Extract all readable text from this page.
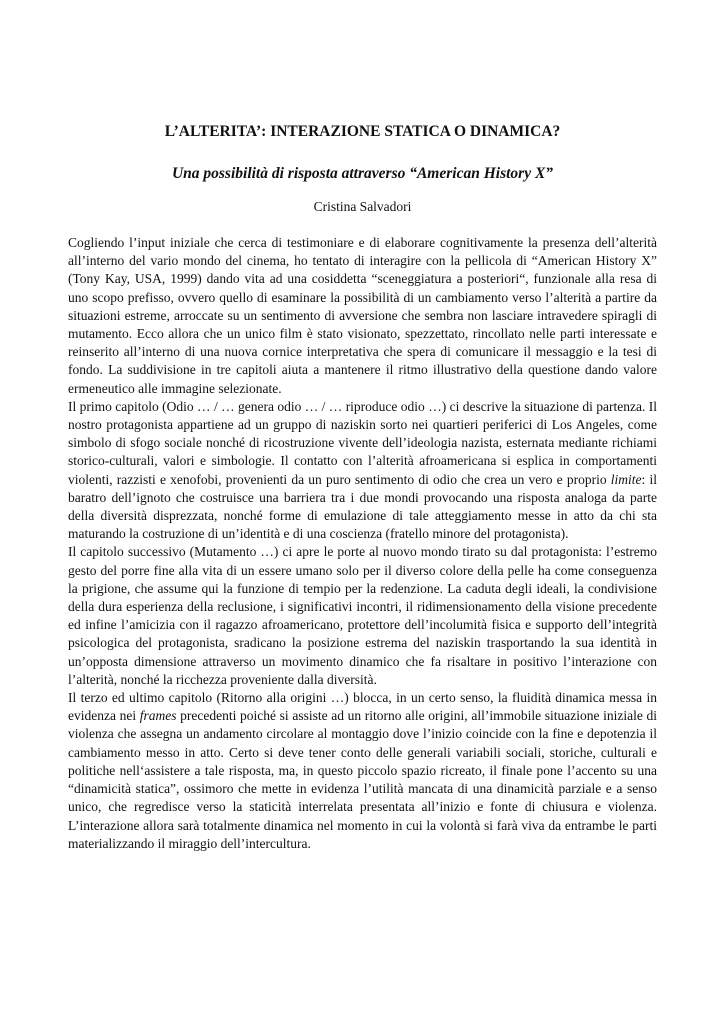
L’ALTERITA’: INTERAZIONE STATICA O DINAMICA?
Una possibilità di risposta attraverso “American History X”
Cristina Salvadori

Cogliendo l’input iniziale che cerca di testimoniare e di elaborare cognitivamente la presenza dell’alterità all’interno del vario mondo del cinema, ho tentato di interagire con la pellicola di “American History X” (Tony Kay, USA, 1999) dando vita ad una cosiddetta “sceneggiatura a posteriori“, funzionale alla resa di uno scopo prefisso, ovvero quello di esaminare la possibilità di un cambiamento verso l’alterità a partire da situazioni estreme, arroccate su un sentimento di avversione che sembra non lasciare intravedere spiragli di mutamento. Ecco allora che un unico film è stato visionato, spezzettato, rincollato nelle parti interessate e reinserito all’interno di una nuova cornice interpretativa che spera di comunicare il messaggio e la tesi di fondo. La suddivisione in tre capitoli aiuta a mantenere il ritmo illustrativo della questione dando valore ermeneutico alle immagine selezionate.

Il primo capitolo (Odio … / … genera odio … / … riproduce odio …) ci descrive la situazione di partenza. Il nostro protagonista appartiene ad un gruppo di naziskin sorto nei quartieri periferici di Los Angeles, come simbolo di sfogo sociale nonché di ricostruzione vivente dell’ideologia nazista, esternata mediante richiami storico-culturali, valori e simbologie. Il contatto con l’alterità afroamericana si esplica in comportamenti violenti, razzisti e xenofobi, provenienti da un puro sentimento di odio che crea un vero e proprio limite: il baratro dell’ignoto che costruisce una barriera tra i due mondi provocando una risposta analoga da parte della diversità disprezzata, nonché forme di emulazione di tale atteggiamento messe in atto da chi sta maturando la costruzione di un’identità e di una coscienza (fratello minore del protagonista).

Il capitolo successivo (Mutamento …) ci apre le porte al nuovo mondo tirato su dal protagonista: l’estremo gesto del porre fine alla vita di un essere umano solo per il diverso colore della pelle ha come conseguenza la prigione, che assume qui la funzione di tempio per la redenzione. La caduta degli ideali, la condivisione della dura esperienza della reclusione, i significativi incontri, il ridimensionamento della visione precedente ed infine l’amicizia con il ragazzo afroamericano, protettore dell’incolumità fisica e supporto dell’integrità psicologica del protagonista, sradicano la posizione estrema del naziskin trasportando la sua identità in un’opposta dimensione attraverso un movimento dinamico che fa risaltare in positivo l’interazione con l’alterità, nonché la ricchezza proveniente dalla diversità.

Il terzo ed ultimo capitolo (Ritorno alla origini …) blocca, in un certo senso, la fluidità dinamica messa in evidenza nei frames precedenti poiché si assiste ad un ritorno alle origini, all’immobile situazione iniziale di violenza che assegna un andamento circolare al montaggio dove l’inizio coincide con la fine e depotenzia il cambiamento messo in atto. Certo si deve tener conto delle generali variabili sociali, storiche, culturali e politiche nell‘assistere a tale risposta, ma, in questo piccolo spazio ricreato, il finale pone l’accento su una “dinamicità statica”, ossimoro che mette in evidenza l’utilità mancata di una dinamicità parziale e a senso unico, che regredisce verso la staticità interrelata presentata all’inizio e fonte di chiusura e violenza. L’interazione allora sarà totalmente dinamica nel momento in cui la volontà si farà viva da entrambe le parti materializzando il miraggio dell’intercultura.
